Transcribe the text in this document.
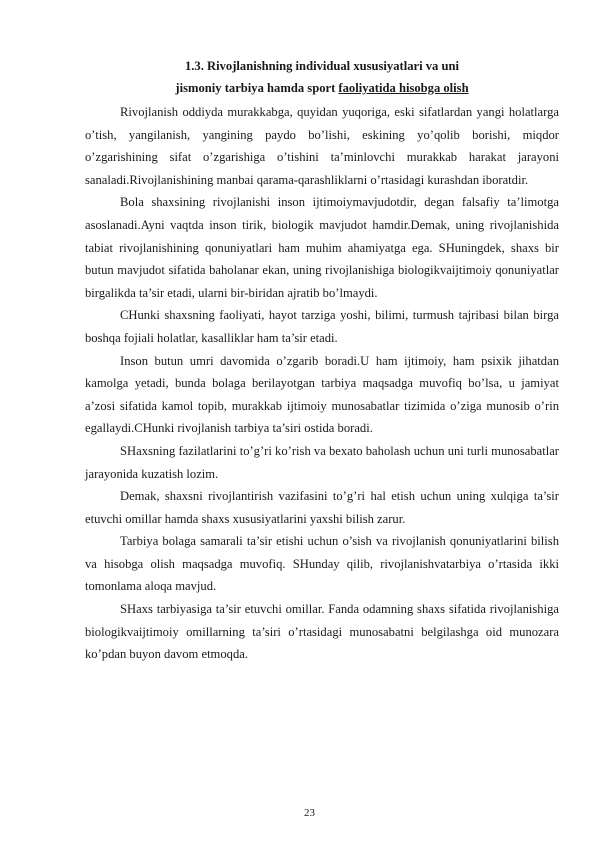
1.3. Rivojlanishning individual xususiyatlari va uni

jismoniy tarbiya hamda sport faoliyatida hisobga olish

Rivojlanish oddiyda murakkabga, quyidan yuqoriga, eski sifatlardan yangi holatlarga o’tish, yangilanish, yangining paydo bo’lishi, eskining yo’qolib borishi, miqdor o’zgarishining sifat o’zgarishiga o’tishini ta’minlovchi murakkab harakat jarayoni sanaladi.Rivojlanishining manbai qarama-qarashliklarni o’rtasidagi kurashdan iboratdir.

Bola shaxsining rivojlanishi inson ijtimoiymavjudotdir, degan falsafiy ta’limotga asoslanadi.Ayni vaqtda inson tirik, biologik mavjudot hamdir.Demak, uning rivojlanishida tabiat rivojlanishining qonuniyatlari ham muhim ahamiyatga ega. SHuningdek, shaxs bir butun mavjudot sifatida baholanar ekan, uning rivojlanishiga biologikvaijtimoiy qonuniyatlar birgalikda ta’sir etadi, ularni bir-biridan ajratib bo’lmaydi.

CHunki shaxsning faoliyati, hayot tarziga yoshi, bilimi, turmush tajribasi bilan birga boshqa fojiali holatlar, kasalliklar ham ta’sir etadi.

Inson butun umri davomida o’zgarib boradi.U ham ijtimoiy, ham psixik jihatdan kamolga yetadi, bunda bolaga berilayotgan tarbiya maqsadga muvofiq bo’lsa, u jamiyat a’zosi sifatida kamol topib, murakkab ijtimoiy munosabatlar tizimida o’ziga munosib o’rin egallaydi.CHunki rivojlanish tarbiya ta’siri ostida boradi.

SHaxsning fazilatlarini to’g’ri ko’rish va bexato baholash uchun uni turli munosabatlar jarayonida kuzatish lozim.

Demak, shaxsni rivojlantirish vazifasini to’g’ri hal etish uchun uning xulqiga ta’sir etuvchi omillar hamda shaxs xususiyatlarini yaxshi bilish zarur.

Tarbiya bolaga samarali ta’sir etishi uchun o’sish va rivojlanish qonuniyatlarini bilish va hisobga olish maqsadga muvofiq. SHunday qilib, rivojlanishvatarbiya o’rtasida ikki tomonlama aloqa mavjud.

SHaxs tarbiyasiga ta’sir etuvchi omillar. Fanda odamning shaxs sifatida rivojlanishiga biologikvaijtimoiy omillarning ta’siri o’rtasidagi munosabatni belgilashga oid munozara ko’pdan buyon davom etmoqda.

23
